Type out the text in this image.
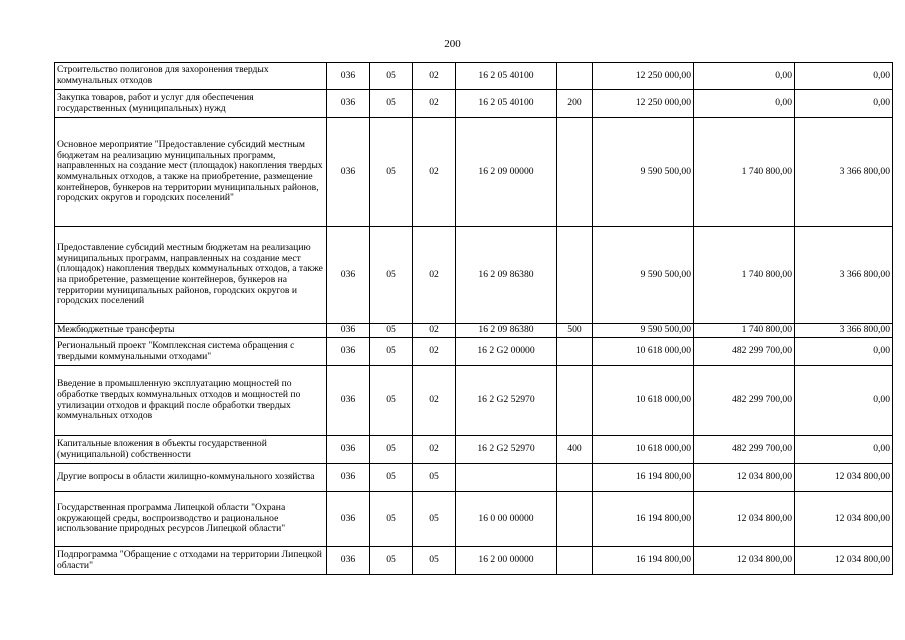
200
Строительство полигонов для захоронения твердых коммунальных отходов	036	05	02	16 2 05 40100		12 250 000,00	0,00	0,00
Закупка товаров, работ и услуг для обеспечения государственных (муниципальных) нужд	036	05	02	16 2 05 40100	200	12 250 000,00	0,00	0,00
Основное мероприятие "Предоставление субсидий местным бюджетам на реализацию муниципальных программ, направленных на создание мест (площадок) накопления твердых коммунальных отходов, а также на приобретение, размещение контейнеров, бункеров на территории муниципальных районов, городских округов и городских поселений"	036	05	02	16 2 09 00000		9 590 500,00	1 740 800,00	3 366 800,00
Предоставление субсидий местным бюджетам на реализацию муниципальных программ, направленных на создание мест (площадок) накопления твердых коммунальных отходов, а также на приобретение, размещение контейнеров, бункеров на территории муниципальных районов, городских округов и городских поселений	036	05	02	16 2 09 86380		9 590 500,00	1 740 800,00	3 366 800,00
Межбюджетные трансферты	036	05	02	16 2 09 86380	500	9 590 500,00	1 740 800,00	3 366 800,00
Региональный проект "Комплексная система обращения с твердыми коммунальными отходами"	036	05	02	16 2 G2 00000		10 618 000,00	482 299 700,00	0,00
Введение в промышленную эксплуатацию мощностей по обработке твердых коммунальных отходов и мощностей по утилизации отходов и фракций после обработки твердых коммунальных отходов	036	05	02	16 2 G2 52970		10 618 000,00	482 299 700,00	0,00
Капитальные вложения в объекты государственной (муниципальной) собственности	036	05	02	16 2 G2 52970	400	10 618 000,00	482 299 700,00	0,00
Другие вопросы в области жилищно-коммунального хозяйства	036	05	05			16 194 800,00	12 034 800,00	12 034 800,00
Государственная программа Липецкой области "Охрана окружающей среды, воспроизводство и рациональное использование природных ресурсов Липецкой области"	036	05	05	16 0 00 00000		16 194 800,00	12 034 800,00	12 034 800,00
Подпрограмма "Обращение с отходами на территории Липецкой области"	036	05	05	16 2 00 00000		16 194 800,00	12 034 800,00	12 034 800,00
